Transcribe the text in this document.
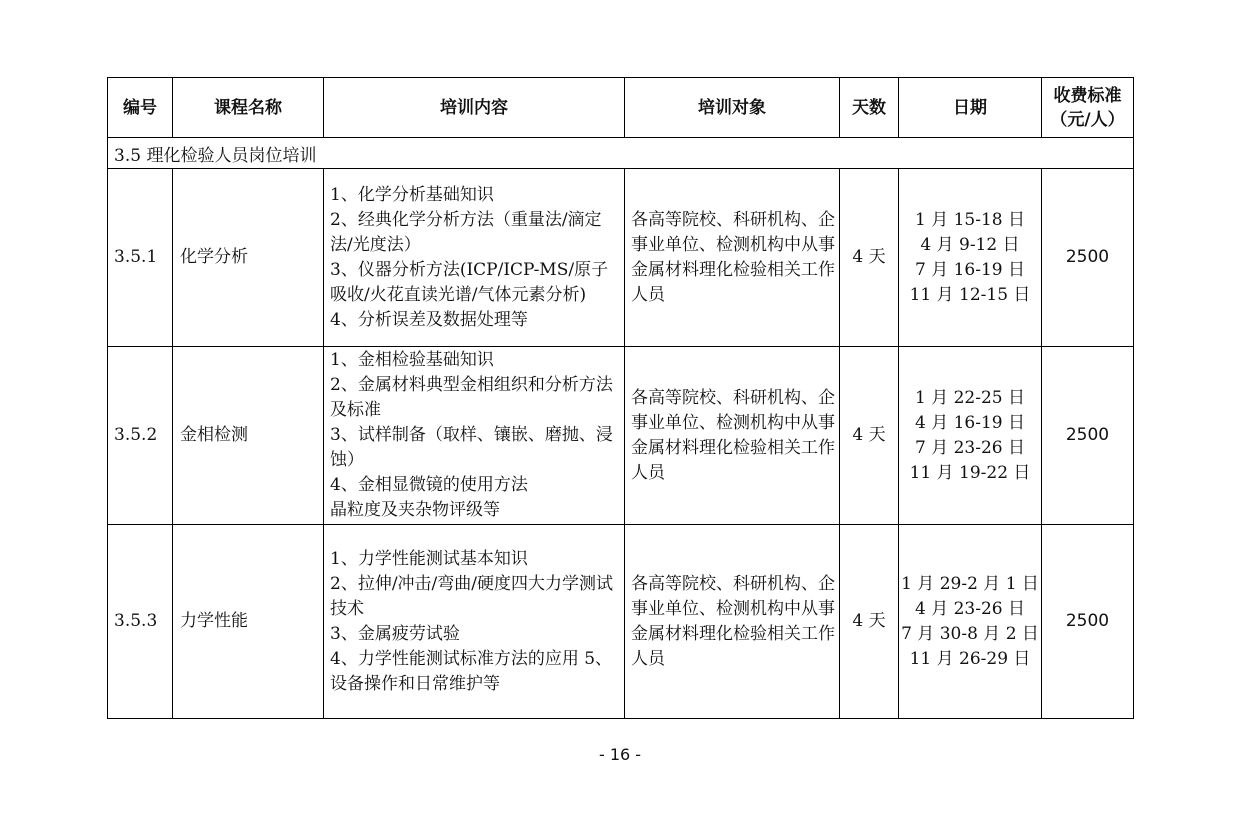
编号	课程名称	培训内容	培训对象	天数	日期	收费标准
（元/人）

3.5 理化检验人员岗位培训						
3.5.1	化学分析	1、化学分析基础知识
2、经典化学分析方法（重量法/滴定法/光度法）
3、仪器分析方法(ICP/ICP-MS/原子吸收/火花直读光谱/气体元素分析)
4、分析误差及数据处理等	各高等院校、科研机构、企事业单位、检测机构中从事金属材料理化检验相关工作人员	4 天	1 月 15-18 日
4 月 9-12 日
7 月 16-19 日
11 月 12-15 日	2500
3.5.2	金相检测	1、金相检验基础知识
2、金属材料典型金相组织和分析方法及标准
3、试样制备（取样、镶嵌、磨抛、浸蚀）
4、金相显微镜的使用方法
晶粒度及夹杂物评级等	各高等院校、科研机构、企事业单位、检测机构中从事金属材料理化检验相关工作人员	4 天	1 月 22-25 日
4 月 16-19 日
7 月 23-26 日
11 月 19-22 日	2500
3.5.3	力学性能	1、力学性能测试基本知识
2、拉伸/冲击/弯曲/硬度四大力学测试技术
3、金属疲劳试验
4、力学性能测试标准方法的应用 5、设备操作和日常维护等	各高等院校、科研机构、企事业单位、检测机构中从事金属材料理化检验相关工作人员	4 天	1 月 29-2 月 1 日
4 月 23-26 日
7 月 30-8 月 2 日
11 月 26-29 日	2500
- 16 -
